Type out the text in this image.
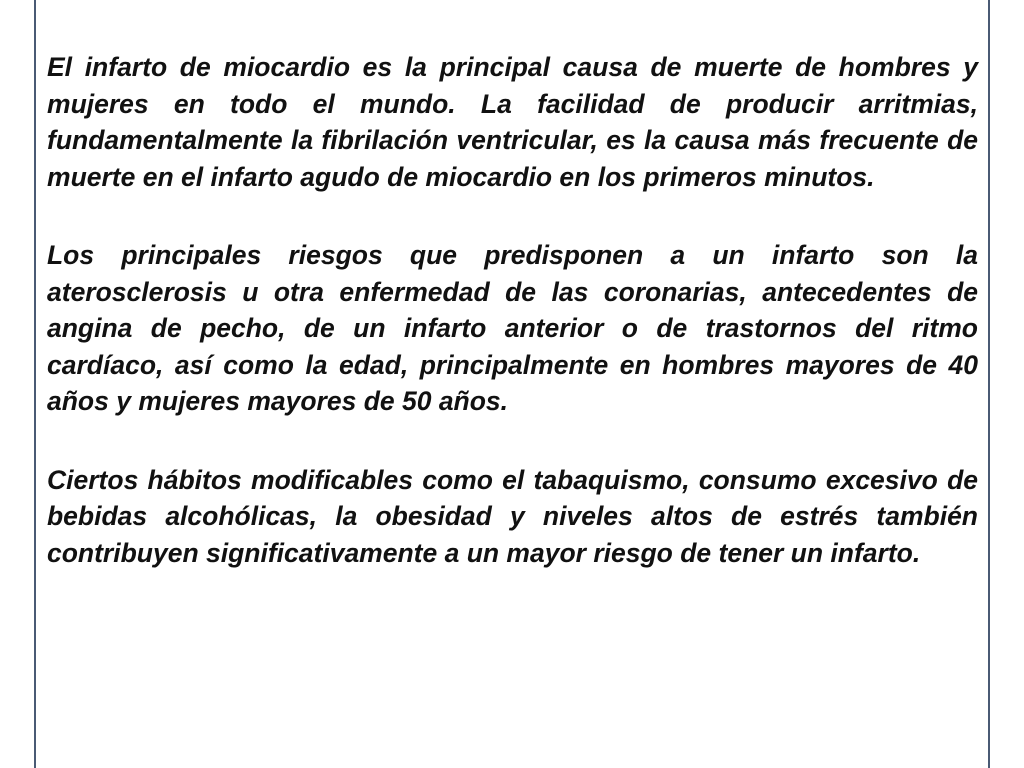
El infarto de miocardio es la principal causa de muerte de hombres y mujeres en todo el mundo. La facilidad de producir arritmias, fundamentalmente la fibrilación ventricular, es la causa más frecuente de muerte en el infarto agudo de miocardio en los primeros minutos.

Los principales riesgos que predisponen a un infarto son la aterosclerosis u otra enfermedad de las coronarias, antecedentes de angina de pecho, de un infarto anterior o de trastornos del ritmo cardíaco, así como la edad, principalmente en hombres mayores de 40 años y mujeres mayores de 50 años.

Ciertos hábitos modificables como el tabaquismo, consumo excesivo de bebidas alcohólicas, la obesidad y niveles altos de estrés también contribuyen significativamente a un mayor riesgo de tener un infarto.
